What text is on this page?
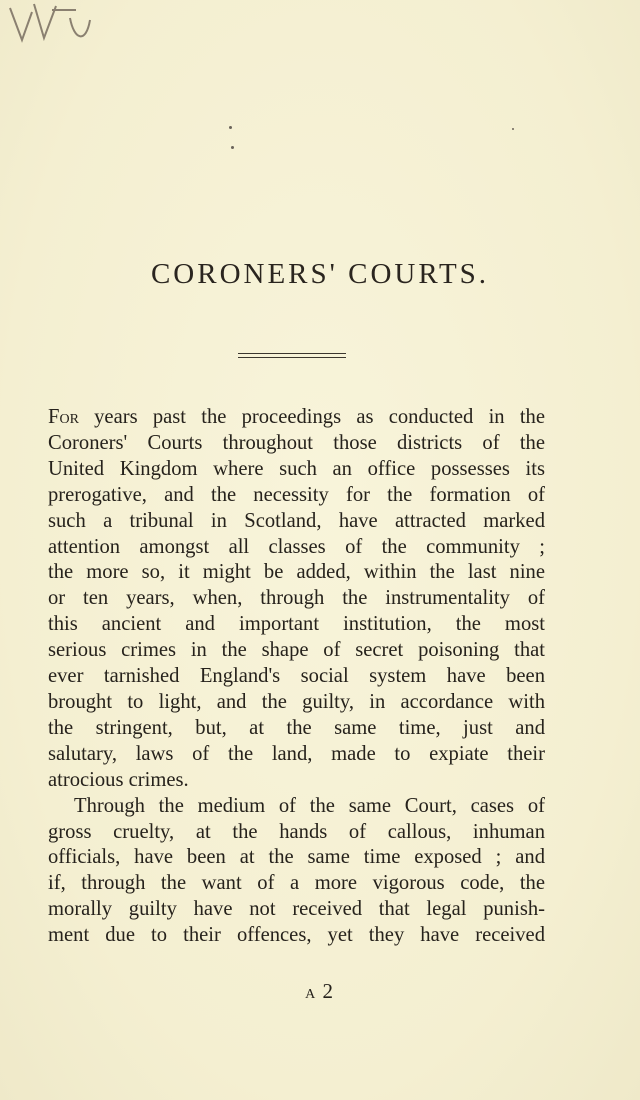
CORONERS' COURTS.
For years past the proceedings as conducted in the
Coroners' Courts throughout those districts of the
United Kingdom where such an office possesses its
prerogative, and the necessity for the formation of
such a tribunal in Scotland, have attracted marked
attention amongst all classes of the community ;
the more so, it might be added, within the last nine
or ten years, when, through the instrumentality of
this ancient and important institution, the most
serious crimes in the shape of secret poisoning that
ever tarnished England's social system have been
brought to light, and the guilty, in accordance with
the stringent, but, at the same time, just and
salutary, laws of the land, made to expiate their
atrocious crimes.
Through the medium of the same Court, cases of
gross cruelty, at the hands of callous, inhuman
officials, have been at the same time exposed ; and
if, through the want of a more vigorous code, the
morally guilty have not received that legal punish-
ment due to their offences, yet they have received

A 2
